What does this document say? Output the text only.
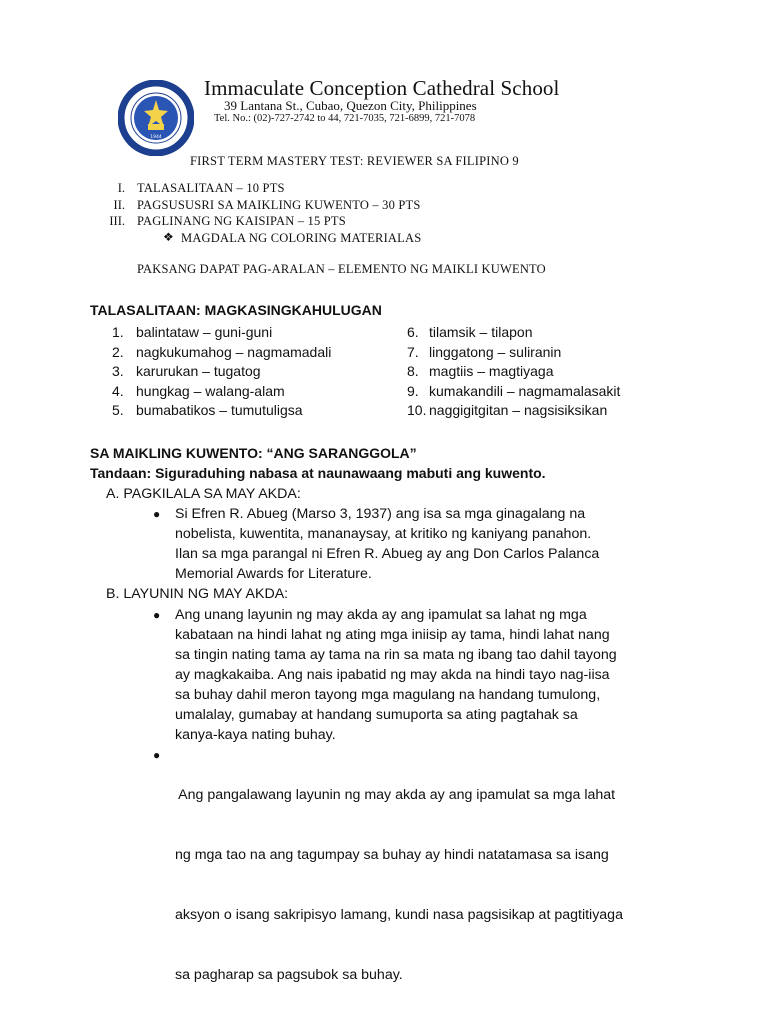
1944
Immaculate Conception Cathedral School
39 Lantana St., Cubao, Quezon City, Philippines
Tel. No.: (02)-727-2742 to 44, 721-7035, 721-6899, 721-7078
FIRST TERM MASTERY TEST: REVIEWER SA FILIPINO 9
I. TALASALITAAN – 10 PTS
II. PAGSUSUSRI SA MAIKLING KUWENTO – 30 PTS
III. PAGLINANG NG KAISIPAN – 15 PTS
❖ MAGDALA NG COLORING MATERIALAS
PAKSANG DAPAT PAG-ARALAN – ELEMENTO NG MAIKLI KUWENTO
TALASALITAAN: MAGKASINGKAHULUGAN
1. balintataw – guni-guni
2. nagkukumahog – nagmamadali
3. karurukan – tugatog
4. hungkag – walang-alam
5. bumabatikos – tumutuligsa
6. tilamsik – tilapon
7. linggatong – suliranin
8. magtiis – magtiyaga
9. kumakandili – nagmamalasakit
10. naggigitgitan – nagsisiksikan
SA MAIKLING KUWENTO: “ANG SARANGGOLA”
Tandaan: Siguraduhing nabasa at naunawaang mabuti ang kuwento.
A. PAGKILALA SA MAY AKDA:
● Si Efren R. Abueg (Marso 3, 1937) ang isa sa mga ginagalang na
nobelista, kuwentita, mananaysay, at kritiko ng kaniyang panahon.
Ilan sa mga parangal ni Efren R. Abueg ay ang Don Carlos Palanca
Memorial Awards for Literature.
B. LAYUNIN NG MAY AKDA:
● Ang unang layunin ng may akda ay ang ipamulat sa lahat ng mga
kabataan na hindi lahat ng ating mga iniisip ay tama, hindi lahat nang
sa tingin nating tama ay tama na rin sa mata ng ibang tao dahil tayong
ay magkakaiba. Ang nais ipabatid ng may akda na hindi tayo nag-iisa
sa buhay dahil meron tayong mga magulang na handang tumulong,
umalalay, gumabay at handang sumuporta sa ating pagtahak sa
kanya-kaya nating buhay.
●

Ang pangalawang layunin ng may akda ay ang ipamulat sa mga lahat

ng mga tao na ang tagumpay sa buhay ay hindi natatamasa sa isang

aksyon o isang sakripisyo lamang, kundi nasa pagsisikap at pagtitiyaga

sa pagharap sa pagsubok sa buhay.
